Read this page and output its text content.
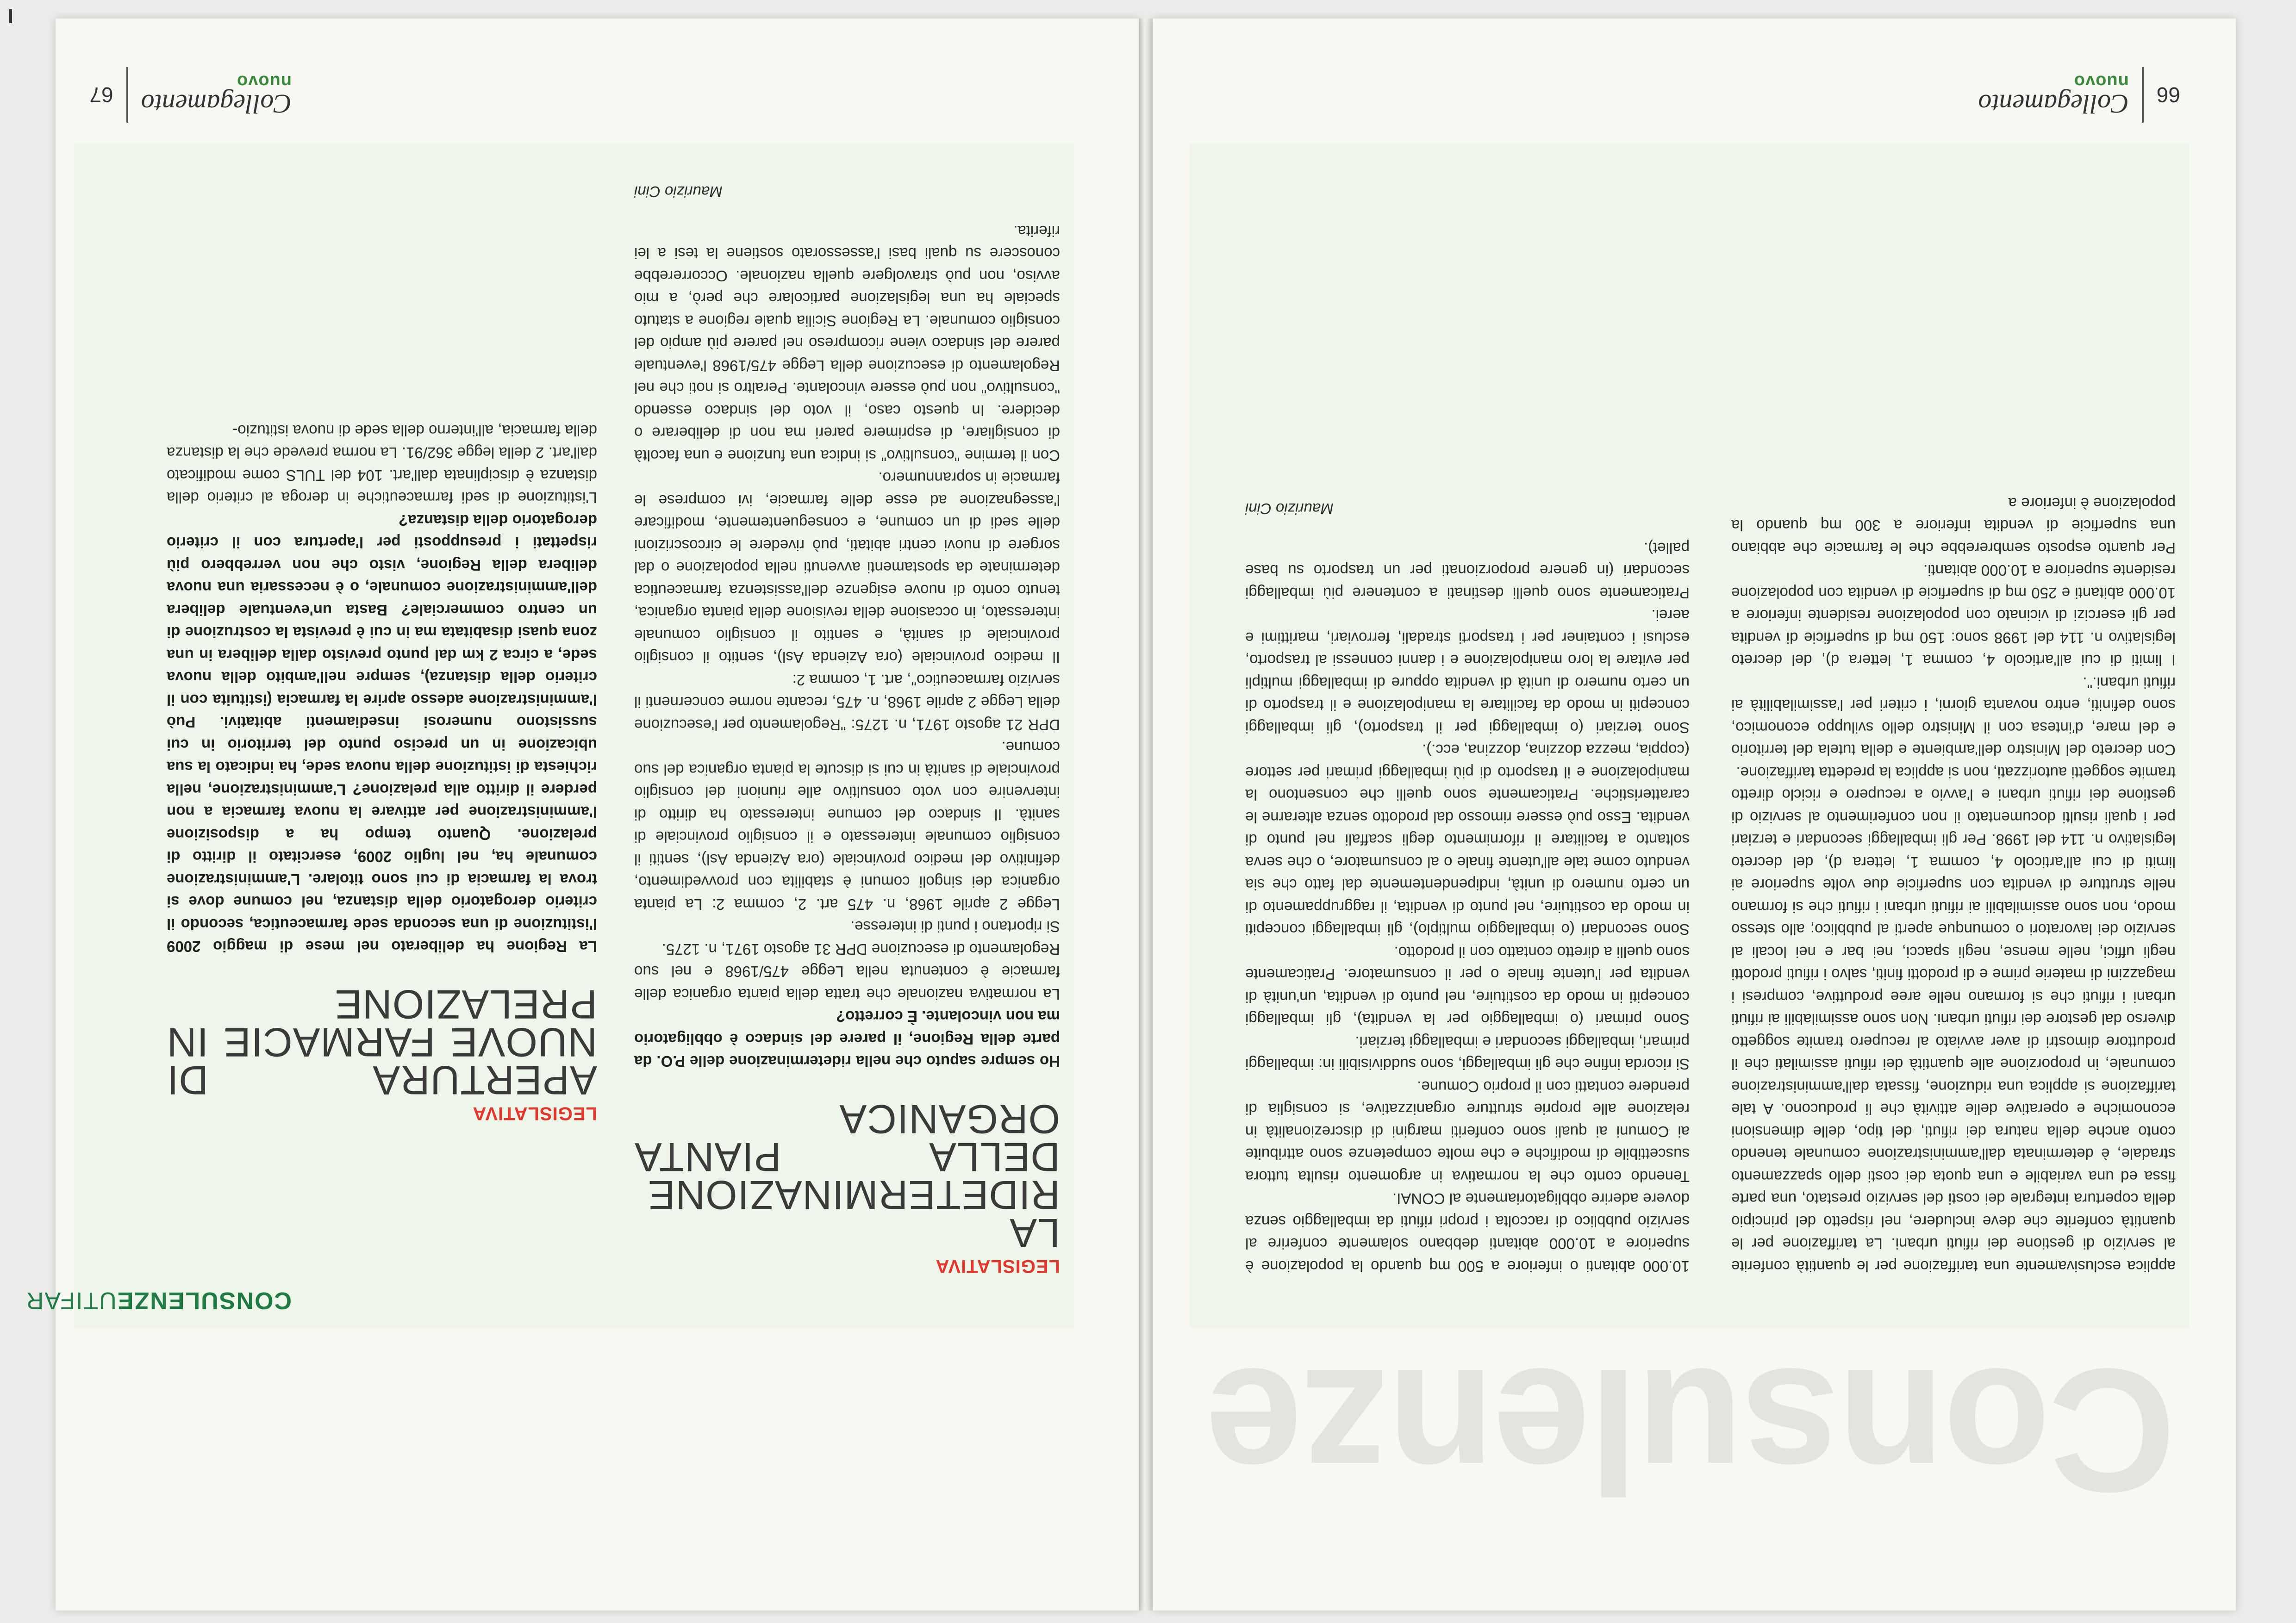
Collegamento
nuovo
67
CONSULENZEUTIFAR
LEGISLATIVA
LA RIDETERMINAZIONE DELLA PIANTA ORGANICA

Ho sempre saputo che nella rideterminazione delle P.O. da parte della Regione, il parere del sindaco è obbligatorio ma non vincolante. È corretto?

La normativa nazionale che tratta della pianta organica delle farmacie è contenuta nella Legge 475/1968 e nel suo Regolamento di esecuzione DPR 31 agosto 1971, n. 1275.

Si riportano i punti di interesse.

Legge 2 aprile 1968, n. 475 art. 2, comma 2: La pianta organica dei singoli comuni è stabilita con provvedimento, definitivo del medico provinciale (ora Azienda Asl), sentiti il consiglio comunale interessato e il consiglio provinciale di sanità. Il sindaco del comune interessato ha diritto di intervenire con voto consultivo alle riunioni del consiglio provinciale di sanità in cui si discute la pianta organica del suo comune.

DPR 21 agosto 1971, n. 1275: "Regolamento per l'esecuzione della Legge 2 aprile 1968, n. 475, recante norme concernenti il servizio farmaceutico", art. 1, comma 2:

Il medico provinciale (ora Azienda Asl), sentito il consiglio provinciale di sanità, e sentito il consiglio comunale interessato, in occasione della revisione della pianta organica, tenuto conto di nuove esigenze dell'assistenza farmaceutica determinate da spostamenti avvenuti nella popolazione o dal sorgere di nuovi centri abitati, può rivedere le circoscrizioni delle sedi di un comune, e conseguentemente, modificare l'assegnazione ad esse delle farmacie, ivi comprese le farmacie in soprannumero.

Con il termine "consultivo" si indica una funzione e una facoltà di consigliare, di esprimere pareri ma non di deliberare o decidere. In questo caso, il voto del sindaco essendo "consultivo" non può essere vincolante. Peraltro si noti che nel Regolamento di esecuzione della Legge 475/1968 l'eventuale parere del sindaco viene ricompreso nel parere più ampio del consiglio comunale. La Regione Sicilia quale regione a statuto speciale ha una legislazione particolare che però, a mio avviso, non può stravolgere quella nazionale. Occorrerebbe conoscere su quali basi l'assessorato sostiene la tesi a lei riferita.

Maurizio Cini

LEGISLATIVA
APERTURA DI NUOVE FARMACIE IN PRELAZIONE

La Regione ha deliberato nel mese di maggio 2009 l'istituzione di una seconda sede farmaceutica, secondo il criterio derogatorio della distanza, nel comune dove si trova la farmacia di cui sono titolare. L'amministrazione comunale ha, nel luglio 2009, esercitato il diritto di prelazione. Quanto tempo ha a disposizione l'amministrazione per attivare la nuova farmacia a non perdere il diritto alla prelazione? L'amministrazione, nella richiesta di istituzione della nuova sede, ha indicato la sua ubicazione in un preciso punto del territorio in cui sussistono numerosi insediamenti abitativi. Può l'amministrazione adesso aprire la farmacia (istituita con il criterio della distanza), sempre nell'ambito della nuova sede, a circa 2 km dal punto previsto dalla delibera in una zona quasi disabitata ma in cui è prevista la costruzione di un centro commerciale? Basta un'eventuale delibera dell'amministrazione comunale, o è necessaria una nuova delibera della Regione, visto che non verrebbero più rispettati i presupposti per l'apertura con il criterio derogatorio della distanza?

L'istituzione di sedi farmaceutiche in deroga al criterio della distanza è disciplinata dall'art. 104 del TULS come modificato dall'art. 2 della legge 362/91. La norma prevede che la distanza della farmacia, all'interno della sede di nuova istituzio-

Consulenze
66
Collegamento
nuovo

applica esclusivamente una tariffazione per le quantità conferite al servizio di gestione dei rifiuti urbani. La tariffazione per le quantità conferite che deve includere, nel rispetto del principio della copertura integrale dei costi del servizio prestato, una parte fissa ed una variabile e una quota dei costi dello spazzamento stradale, è determinata dall'amministrazione comunale tenendo conto anche della natura dei rifiuti, del tipo, delle dimensioni economiche e operative delle attività che li producono. A tale tariffazione si applica una riduzione, fissata dall'amministrazione comunale, in proporzione alle quantità dei rifiuti assimilati che il produttore dimostri di aver avviato al recupero tramite soggetto diverso dal gestore dei rifiuti urbani. Non sono assimilabili ai rifiuti urbani i rifiuti che si formano nelle aree produttive, compresi i magazzini di materie prime e di prodotti finiti, salvo i rifiuti prodotti negli uffici, nelle mense, negli spacci, nei bar e nei locali al servizio dei lavoratori o comunque aperti al pubblico; allo stesso modo, non sono assimilabili ai rifiuti urbani i rifiuti che si formano nelle strutture di vendita con superficie due volte superiore ai limiti di cui all'articolo 4, comma 1, lettera d), del decreto legislativo n. 114 del 1998. Per gli imballaggi secondari e terziari per i quali risulti documentato il non conferimento al servizio di gestione dei rifiuti urbani e l'avvio a recupero e riciclo diretto tramite soggetti autorizzati, non si applica la predetta tariffazione.

Con decreto del Ministro dell'ambiente e della tutela del territorio e del mare, d'intesa con il Ministro dello sviluppo economico, sono definiti, entro novanta giorni, i criteri per l'assimilabilità ai rifiuti urbani.".

I limiti di cui all'articolo 4, comma 1, lettera d), del decreto legislativo n. 114 del 1998 sono: 150 mq di superficie di vendita per gli esercizi di vicinato con popolazione residente inferiore a 10.000 abitanti e 250 mq di superficie di vendita con popolazione residente superiore a 10.000 abitanti.

Per quanto esposto sembrerebbe che le farmacie che abbiano una superficie di vendita inferiore a 300 mq quando la popolazione è inferiore a

10.000 abitanti o inferiore a 500 mq quando la popolazione è superiore a 10.000 abitanti debbano solamente conferire al servizio pubblico di raccolta i propri rifiuti da imballaggio senza dovere aderire obbligatoriamente al CONAI.

Tenendo conto che la normativa in argomento risulta tuttora suscettibile di modifiche e che molte competenze sono attribuite ai Comuni ai quali sono conferiti margini di discrezionalità in relazione alle proprie strutture organizzative, si consiglia di prendere contatti con il proprio Comune.

Si ricorda infine che gli imballaggi, sono suddivisibili in: imballaggi primari, imballaggi secondari e imballaggi terziari.

Sono primari (o imballaggio per la vendita), gli imballaggi concepiti in modo da costituire, nel punto di vendita, un'unità di vendita per l'utente finale o per il consumatore. Praticamente sono quelli a diretto contatto con il prodotto.

Sono secondari (o imballaggio multiplo), gli imballaggi concepiti in modo da costituire, nel punto di vendita, il raggruppamento di un certo numero di unità, indipendentemente dal fatto che sia venduto come tale all'utente finale o al consumatore, o che serva soltanto a facilitare il rifornimento degli scaffali nel punto di vendita. Esso può essere rimosso dal prodotto senza alterarne le caratteristiche. Praticamente sono quelli che consentono la manipolazione e il trasporto di più imballaggi primari per settore (coppia, mezza dozzina, dozzina, ecc.).

Sono terziari (o imballaggi per il trasporto), gli imballaggi concepiti in modo da facilitare la manipolazione e il trasporto di un certo numero di unità di vendita oppure di imballaggi multipli per evitare la loro manipolazione e i danni connessi al trasporto, esclusi i container per i trasporti stradali, ferroviari, marittimi e aerei.

Praticamente sono quelli destinati a contenere più imballaggi secondari (in genere proporzionati per un trasporto su base pallet).

Maurizio Cini
